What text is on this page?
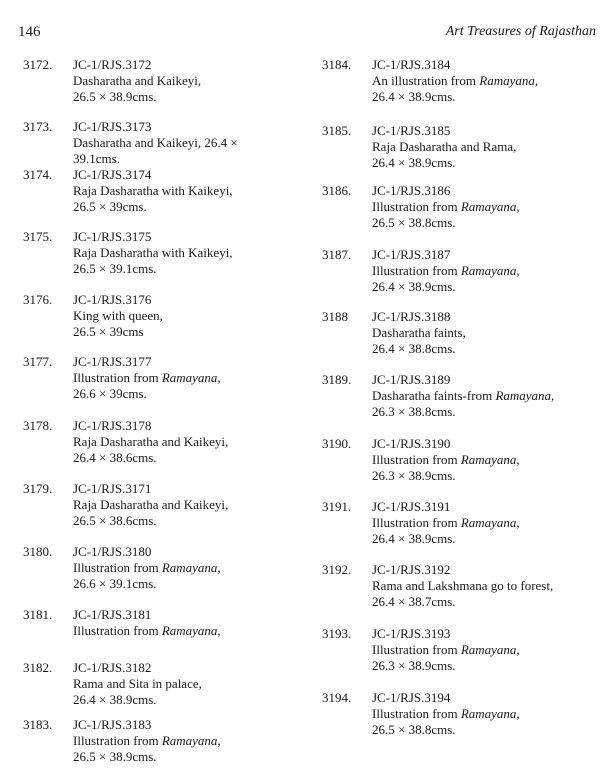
146	Art Treasures of Rajasthan
3172. JC-1/RJS.3172
Dasharatha and Kaikeyi,
26.5 × 38.9cms.
3173. JC-1/RJS.3173
Dasharatha and Kaikeyi, 26.4 × 39.1cms.
3174. JC-1/RJS.3174
Raja Dasharatha with Kaikeyi,
26.5 × 39cms.
3175. JC-1/RJS.3175
Raja Dasharatha with Kaikeyi,
26.5 × 39.1cms.
3176. JC-1/RJS.3176
King with queen,
26.5 × 39cms
3177. JC-1/RJS.3177
Illustration from Ramayana,
26.6 × 39cms.
3178. JC-1/RJS.3178
Raja Dasharatha and Kaikeyi,
26.4 × 38.6cms.
3179. JC-1/RJS.3171
Raja Dasharatha and Kaikeyi,
26.5 × 38.6cms.
3180. JC-1/RJS.3180
Illustration from Ramayana,
26.6 × 39.1cms.
3181. JC-1/RJS.3181
Illustration from Ramayana,
3182. JC-1/RJS.3182
Rama and Sita in palace,
26.4 × 38.9cms.
3183. JC-1/RJS.3183
Illustration from Ramayana,
26.5 × 38.9cms.
3184. JC-1/RJS.3184
An illustration from Ramayana,
26.4 × 38.9cms.
3185. JC-1/RJS.3185
Raja Dasharatha and Rama,
26.4 × 38.9cms.
3186. JC-1/RJS.3186
Illustration from Ramayana,
26.5 × 38.8cms.
3187. JC-1/RJS.3187
Illustration from Ramayana,
26.4 × 38.9cms.
3188 JC-1/RJS.3188
Dasharatha faints,
26.4 × 38.8cms.
3189. JC-1/RJS.3189
Dasharatha faints-from Ramayana,
26.3 × 38.8cms.
3190. JC-1/RJS.3190
Illustration from Ramayana,
26.3 × 38.9cms.
3191. JC-1/RJS.3191
Illustration from Ramayana,
26.4 × 38.9cms.
3192. JC-1/RJS.3192
Rama and Lakshmana go to forest,
26.4 × 38.7cms.
3193. JC-1/RJS.3193
Illustration from Ramayana,
26.3 × 38.9cms.
3194. JC-1/RJS.3194
Illustration from Ramayana,
26.5 × 38.8cms.
